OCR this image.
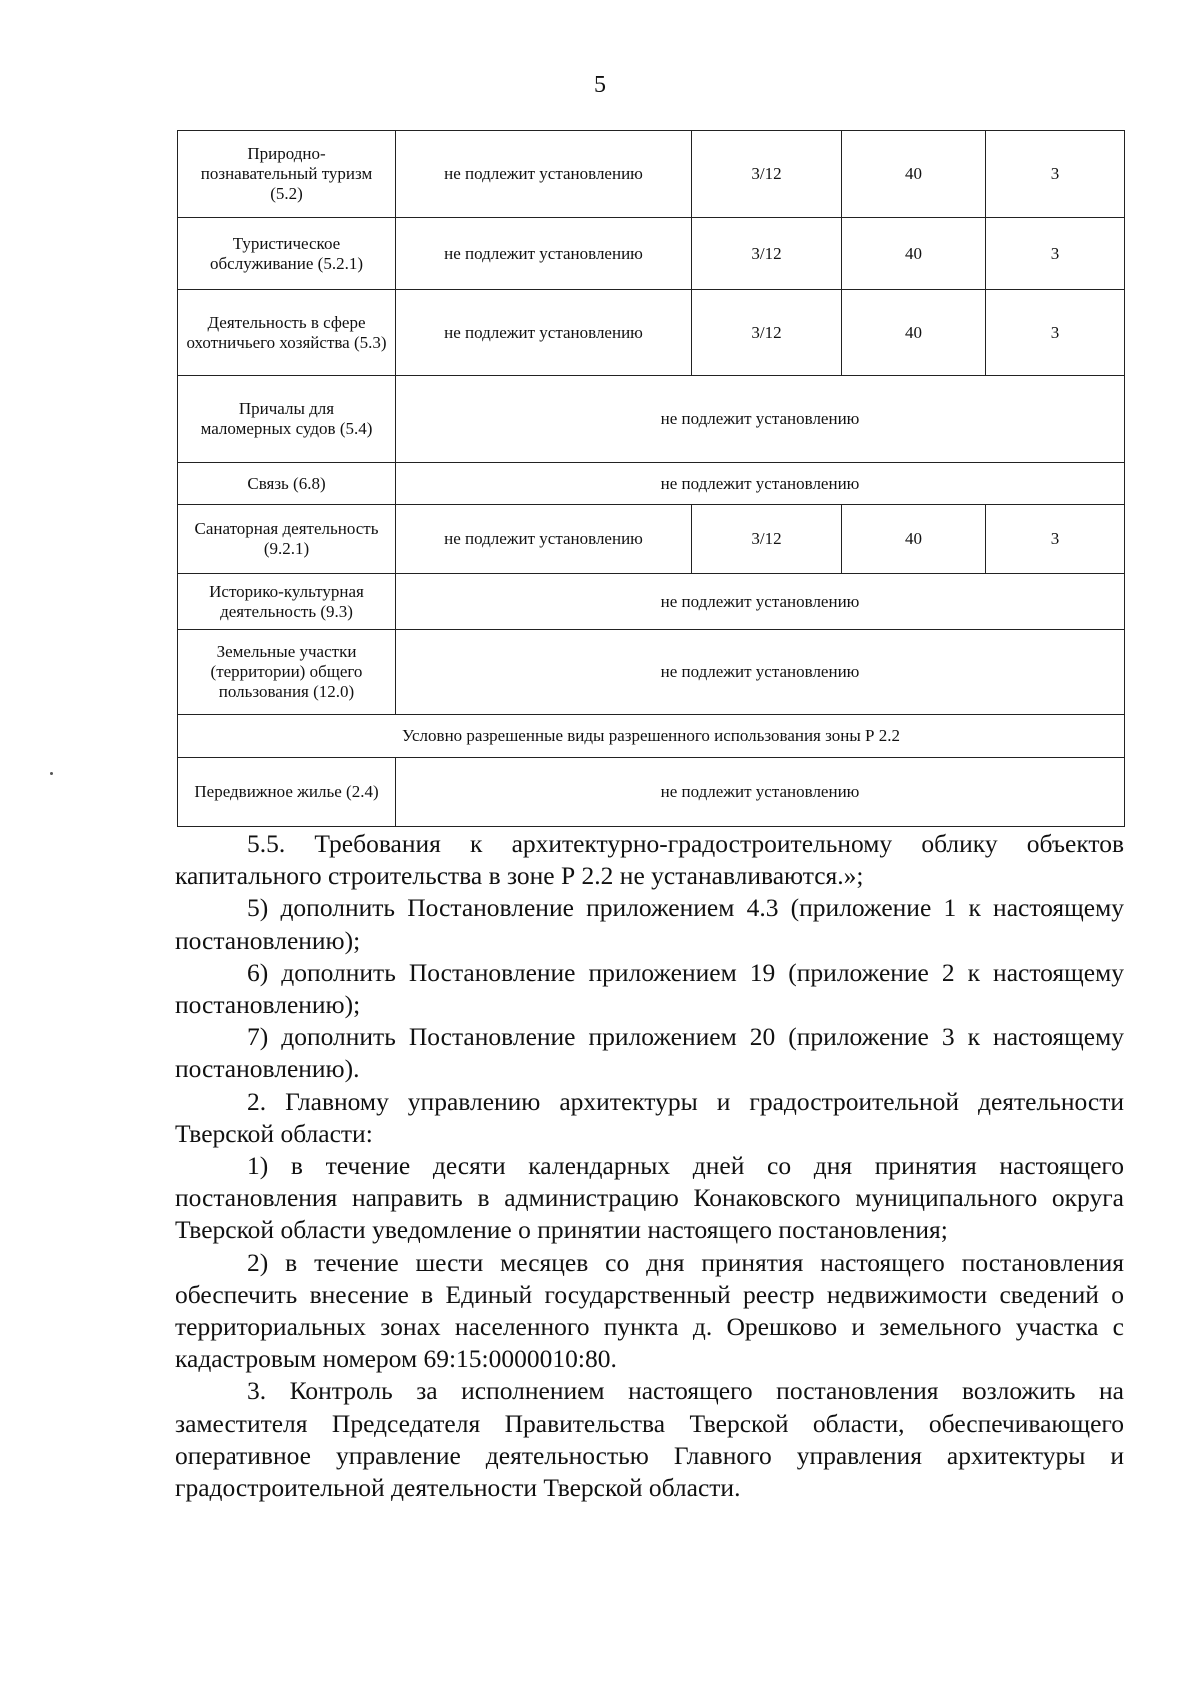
5
Природно-познавательный туризм (5.2)	не подлежит установлению	3/12	40	3
Туристическое обслуживание (5.2.1)	не подлежит установлению	3/12	40	3
Деятельность в сфере охотничьего хозяйства (5.3)	не подлежит установлению	3/12	40	3
Причалы для маломерных судов (5.4)	не подлежит установлению			
Связь (6.8)	не подлежит установлению			
Санаторная деятельность (9.2.1)	не подлежит установлению	3/12	40	3
Историко-культурная деятельность (9.3)	не подлежит установлению			
Земельные участки (территории) общего пользования (12.0)	не подлежит установлению			
Условно разрешенные виды разрешенного использования зоны Р 2.2				
Передвижное жилье (2.4)	не подлежит установлению			

5.5. Требования к архитектурно-градостроительному облику объектов капитального строительства в зоне Р 2.2 не устанавливаются.»;

5) дополнить Постановление приложением 4.3 (приложение 1 к настоящему постановлению);

6) дополнить Постановление приложением 19 (приложение 2 к настоящему постановлению);

7) дополнить Постановление приложением 20 (приложение 3 к настоящему постановлению).

2. Главному управлению архитектуры и градостроительной деятельности Тверской области:

1) в течение десяти календарных дней со дня принятия настоящего постановления направить в администрацию Конаковского муниципального округа Тверской области уведомление о принятии настоящего постановления;

2) в течение шести месяцев со дня принятия настоящего постановления обеспечить внесение в Единый государственный реестр недвижимости сведений о территориальных зонах населенного пункта д. Орешково и земельного участка с кадастровым номером 69:15:0000010:80.

3. Контроль за исполнением настоящего постановления возложить на заместителя Председателя Правительства Тверской области, обеспечивающего оперативное управление деятельностью Главного управления архитектуры и градостроительной деятельности Тверской области.
